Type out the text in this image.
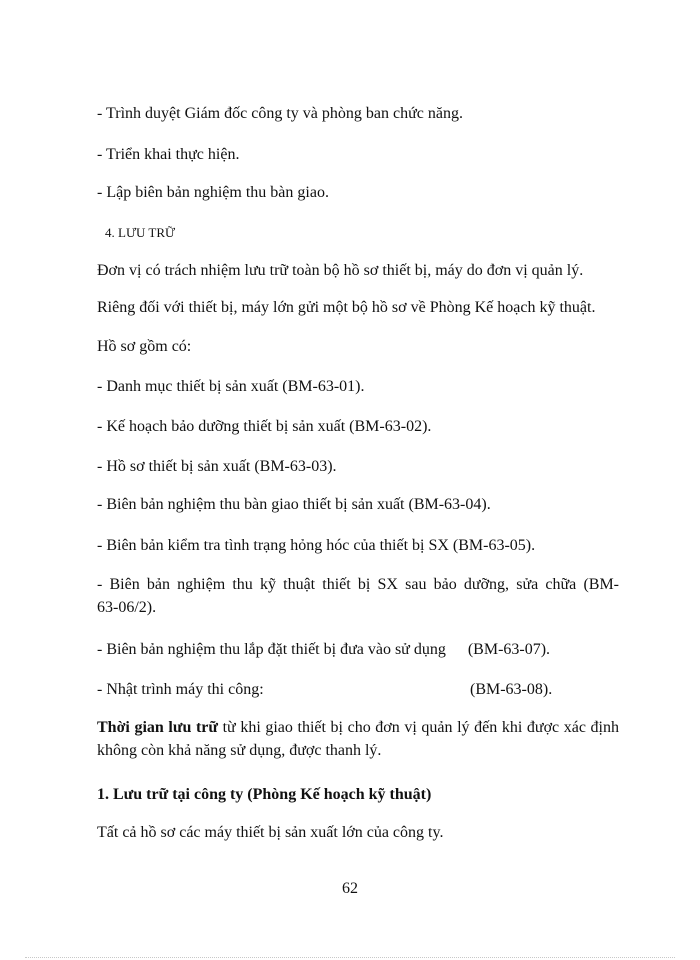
- Trình duyệt Giám đốc công ty và phòng ban chức năng.

- Triển khai thực hiện.

- Lập biên bản nghiệm thu bàn giao.

4. LƯU TRỮ

Đơn vị có trách nhiệm lưu trữ toàn bộ hồ sơ thiết bị, máy do đơn vị quản lý.

Riêng đối với thiết bị, máy lớn gửi một bộ hồ sơ về Phòng Kế hoạch kỹ thuật.

Hồ sơ gồm có:

- Danh mục thiết bị sản xuất (BM-63-01).

- Kế hoạch bảo dưỡng thiết bị sản xuất (BM-63-02).

- Hồ sơ thiết bị sản xuất (BM-63-03).

- Biên bản nghiệm thu bàn giao thiết bị sản xuất (BM-63-04).

- Biên bản kiểm tra tình trạng hỏng hóc của thiết bị SX (BM-63-05).

- Biên bản nghiệm thu kỹ thuật thiết bị SX sau bảo dưỡng, sửa chữa (BM-63-06/2).

- Biên bản nghiệm thu lắp đặt thiết bị đưa vào sử dụng (BM-63-07).

- Nhật trình máy thi công:	(BM-63-08).

Thời gian lưu trữ từ khi giao thiết bị cho đơn vị quản lý đến khi được xác định không còn khả năng sử dụng, được thanh lý.

1. Lưu trữ tại công ty (Phòng Kế hoạch kỹ thuật)

Tất cả hồ sơ các máy thiết bị sản xuất lớn của công ty.

62
